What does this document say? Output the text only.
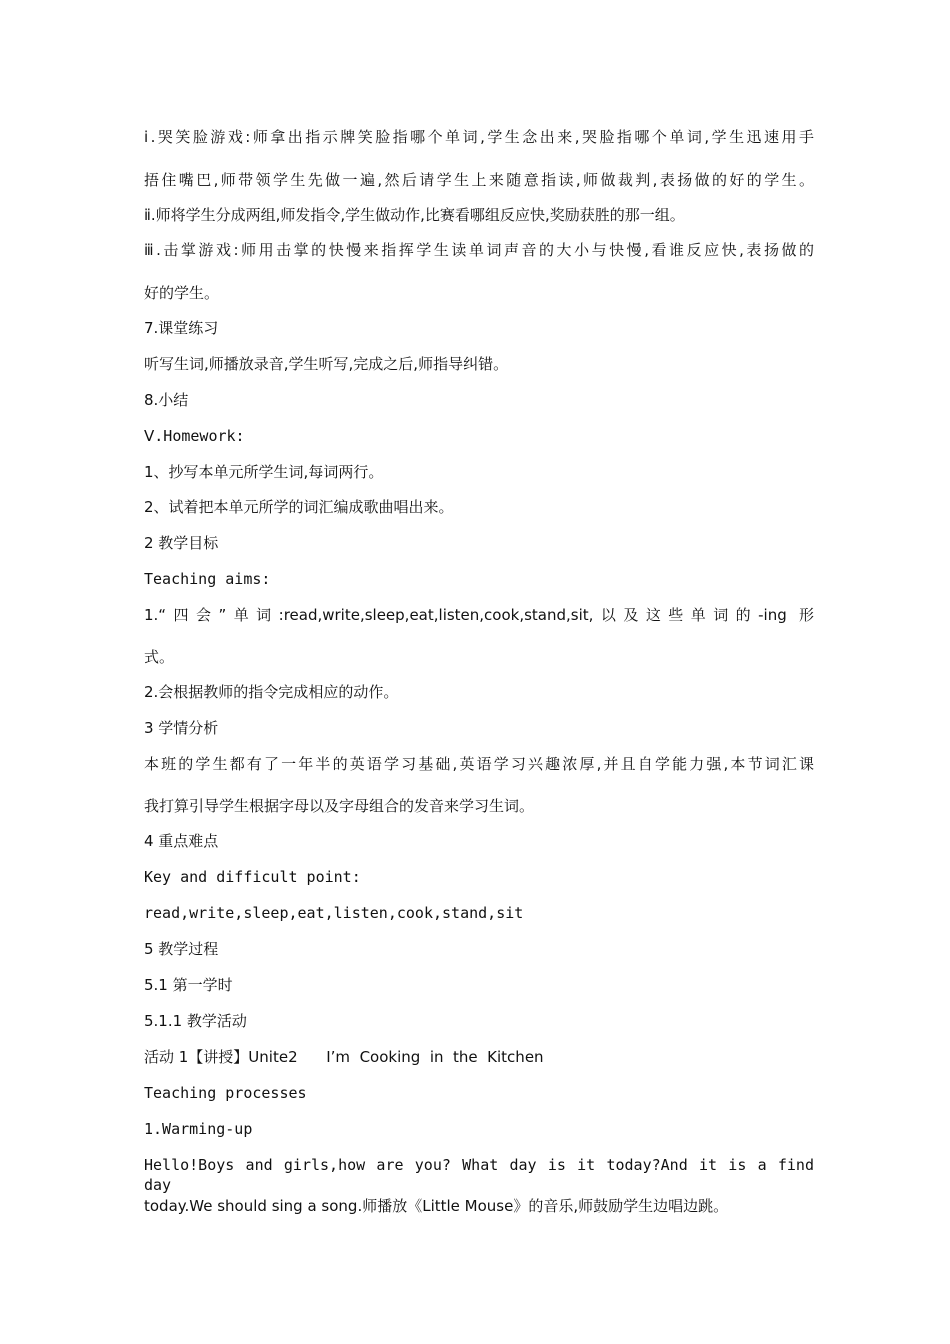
ⅰ.哭笑脸游戏:师拿出指示牌笑脸指哪个单词,学生念出来,哭脸指哪个单词,学生迅速用手
捂住嘴巴,师带领学生先做一遍,然后请学生上来随意指读,师做裁判,表扬做的好的学生。
ⅱ.师将学生分成两组,师发指令,学生做动作,比赛看哪组反应快,奖励获胜的那一组。
ⅲ.击掌游戏:师用击掌的快慢来指挥学生读单词声音的大小与快慢,看谁反应快,表扬做的
好的学生。
7.课堂练习
听写生词,师播放录音,学生听写,完成之后,师指导纠错。
8.小结
Ⅴ.Homework:
1、抄写本单元所学生词,每词两行。
2、试着把本单元所学的词汇编成歌曲唱出来。
2 教学目标
Teaching aims:
1.“四会”单词:read,write,sleep,eat,listen,cook,stand,sit,以及这些单词的-ing 形
式。
2.会根据教师的指令完成相应的动作。
3 学情分析
本班的学生都有了一年半的英语学习基础,英语学习兴趣浓厚,并且自学能力强,本节词汇课
我打算引导学生根据字母以及字母组合的发音来学习生词。
4 重点难点
Key and difficult point:
read,write,sleep,eat,listen,cook,stand,sit
5 教学过程
5.1 第一学时
5.1.1 教学活动
活动 1【讲授】Unite2      I’m  Cooking  in  the  Kitchen
Teaching processes
1.Warming-up
Hello!Boys and girls,how are you? What day is it today?And it is a find day
today.We should sing a song.师播放《Little Mouse》的音乐,师鼓励学生边唱边跳。
